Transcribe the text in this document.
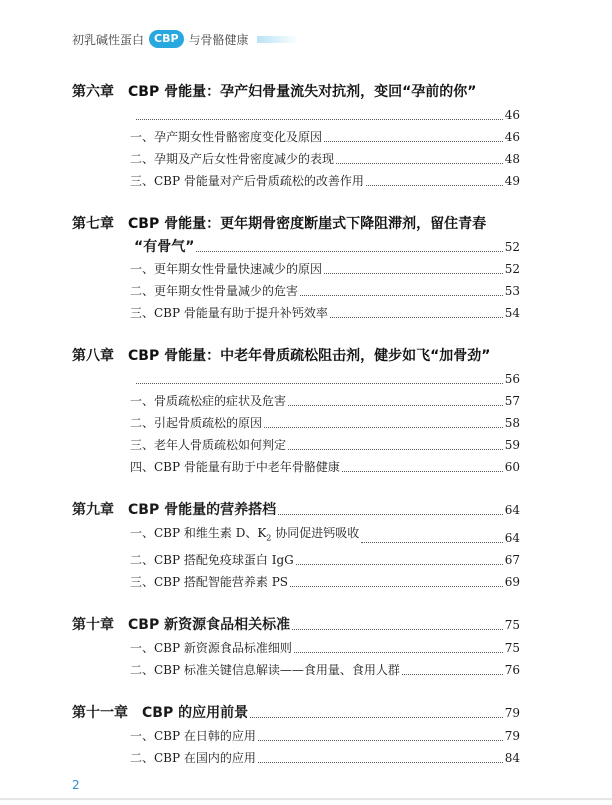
初乳碱性蛋白 CBP 与骨骼健康
第六章 CBP 骨能量：孕产妇骨量流失对抗剂，变回“孕前的你”
46
一、孕产期女性骨骼密度变化及原因	46
二、孕期及产后女性骨密度减少的表现	48
三、CBP 骨能量对产后骨质疏松的改善作用	49
第七章 CBP 骨能量：更年期骨密度断崖式下降阻滞剂，留住青春
“有骨气”	52
一、更年期女性骨量快速减少的原因	52
二、更年期女性骨量减少的危害	53
三、CBP 骨能量有助于提升补钙效率	54
第八章 CBP 骨能量：中老年骨质疏松阻击剂，健步如飞“加骨劲”
56
一、骨质疏松症的症状及危害	57
二、引起骨质疏松的原因	58
三、老年人骨质疏松如何判定	59
四、CBP 骨能量有助于中老年骨骼健康	60
第九章 CBP 骨能量的营养搭档	64
一、CBP 和维生素 D、$K_2$ 协同促进钙吸收	64
二、CBP 搭配免疫球蛋白 IgG	67
三、CBP 搭配智能营养素 PS	69
第十章 CBP 新资源食品相关标准	75
一、CBP 新资源食品标准细则	75
二、CBP 标准关键信息解读——食用量、食用人群	76
第十一章 CBP 的应用前景	79
一、CBP 在日韩的应用	79
二、CBP 在国内的应用	84
2
